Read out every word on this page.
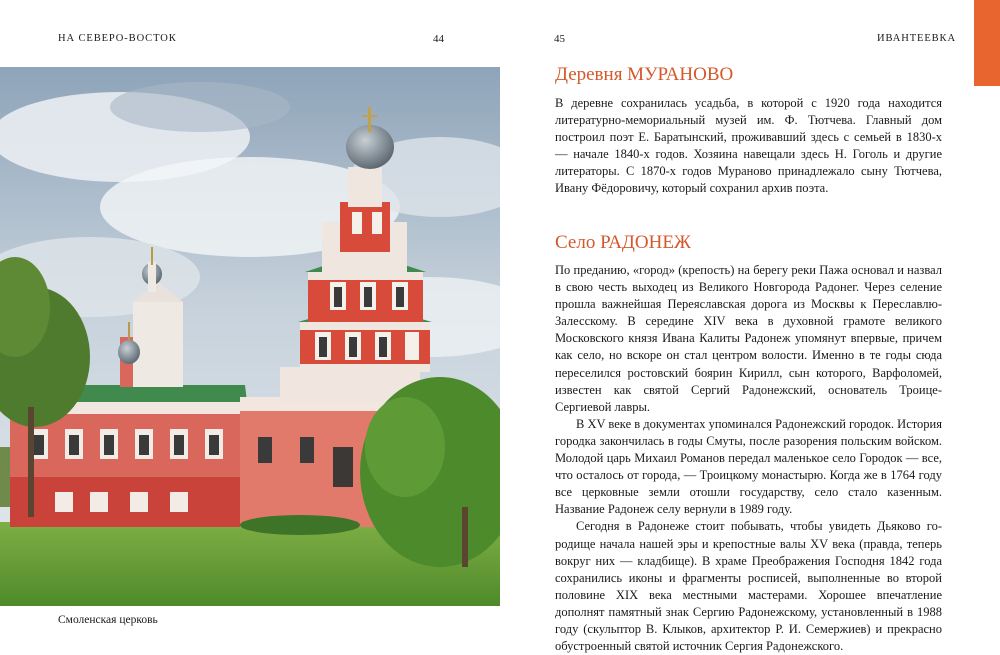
НА СЕВЕРО-ВОСТОК	44	45	ИВАНТЕЕВКА
Смоленская церковь
Деревня МУРАНОВО

В деревне сохранилась усадьба, в которой с 1920 года находится литературно-мемориальный музей им. Ф. Тютчева. Главный дом построил поэт Е. Баратынский, проживавший здесь с семьей в 1830-х — начале 1840-х годов. Хозяина навещали здесь Н. Гоголь и другие литераторы. С 1870-х годов Мураново принадлежало сыну Тютчева, Ивану Фёдоровичу, который сохранил архив поэта.

Село РАДОНЕЖ

По преданию, «город» (крепость) на берегу реки Пажа основал и назвал в свою честь выходец из Великого Новгорода Радонег. Через селение прошла важнейшая Переяславская дорога из Москвы к Переславлю-Залесскому. В середине XIV века в духовной грамоте великого Московского князя Ивана Калиты Радонеж упомянут впервые, причем как село, но вскоре он стал центром волости. Именно в те годы сюда переселился ростовский боярин Кирилл, сын которого, Варфоломей, известен как святой Сергий Радонежский, основатель Троице-Сергиевой лавры.

В XV веке в документах упоминался Радонежский городок. История городка закончилась в годы Смуты, после разорения польским войском. Молодой царь Михаил Романов передал маленькое село Городок — все, что осталось от города, — Троицкому монастырю. Когда же в 1764 году все церковные земли отошли государству, село стало казенным. Название Радонеж селу вернули в 1989 году.

Сегодня в Радонеже стоит побывать, чтобы увидеть Дьяково городище начала нашей эры и крепостные валы XV века (правда, теперь вокруг них — кладбище). В храме Преображения Господня 1842 года сохранились иконы и фрагменты росписей, выполненные во второй половине XIX века местными мастерами. Хорошее впечатление дополнят памятный знак Сергию Радонежскому, установленный в 1988 году (скульптор В. Клыков, архитектор Р. И. Семержиев) и прекрасно обустроенный святой источник Сергия Радонежского.
